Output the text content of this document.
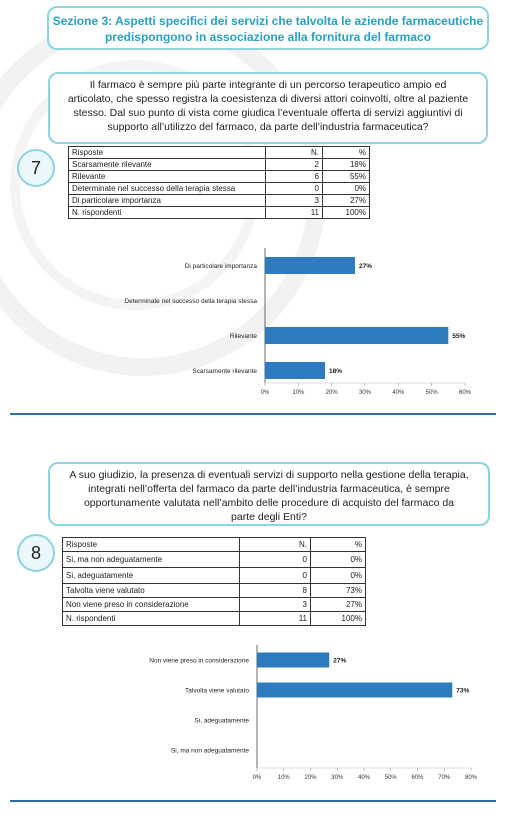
Sezione 3: Aspetti specifici dei servizi che talvolta le aziende farmaceutiche
predispongono in associazione alla fornitura del farmaco
Il farmaco è sempre più parte integrante di un percorso terapeutico ampio ed
articolato, che spesso registra la coesistenza di diversi attori coinvolti, oltre al paziente
stesso. Dal suo punto di vista come giudica l’eventuale offerta di servizi aggiuntivi di
supporto all’utilizzo del farmaco, da parte dell’industria farmaceutica?
7
Risposte	N.	%
Scarsamente rilevante	2	18%
Rilevante	6	55%
Determinate nel successo della terapia stessa	0	0%
Di particolare importanza	3	27%
N. rispondenti	11	100%
Di particolare importanza	27%
Determinate nel successo della terapia stessa
Rilevante	55%
Scarsamente rilevante	18%
0%	10%	20%	30%	40%	50%	60%
A suo giudizio, la presenza di eventuali servizi di supporto nella gestione della terapia,
integrati nell’offerta del farmaco da parte dell’industria farmaceutica, è sempre
opportunamente valutata nell’ambito delle procedure di acquisto del farmaco da
parte degli Enti?
8	Risposte	N.	%
Si, ma non adeguatamente	0	0%
Si, adeguatamente	0	0%
Talvolta viene valutato	8	73%
Non viene preso in considerazione	3	27%
N. rispondenti	11	100%
Non viene preso in considerazione	27%
Talvolta viene valutato	73%
Si, adeguatamente
Si, ma non adeguatamente
0%	10% 20% 30% 40% 50% 60% 70% 80%
